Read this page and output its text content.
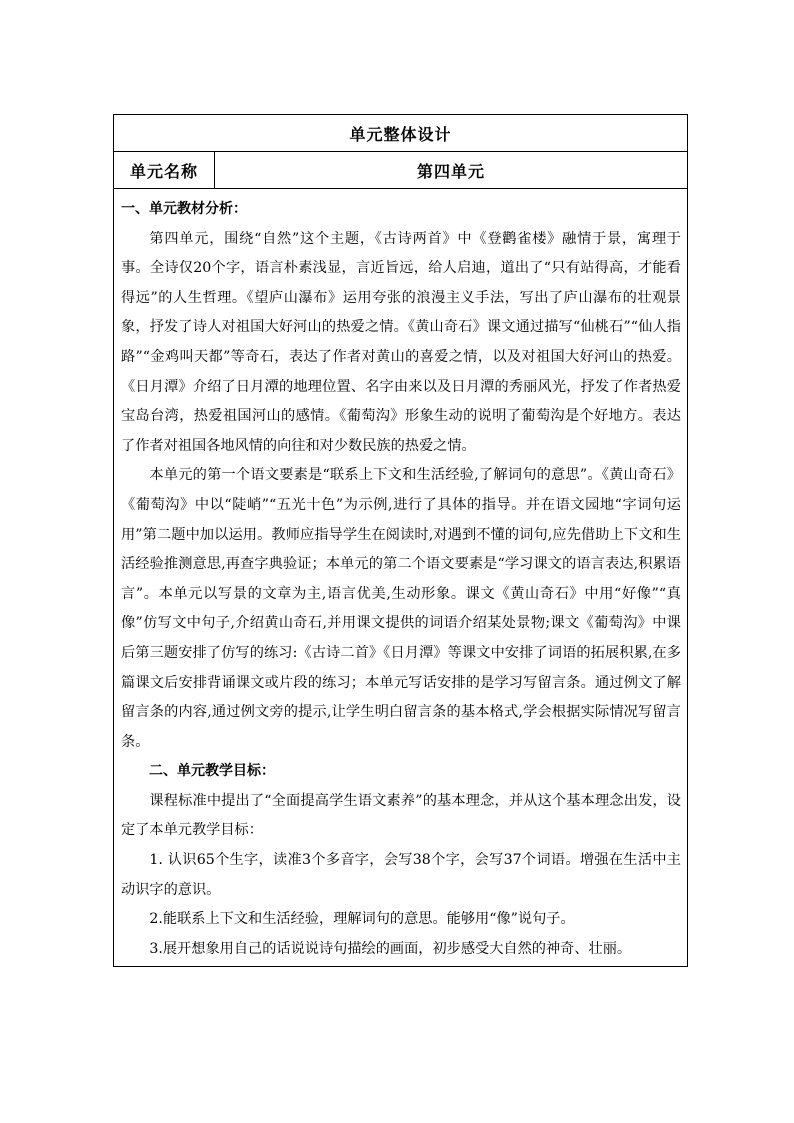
单元整体设计
单元名称	第四单元

一、单元教材分析：

第四单元，围绕“自然”这个主题，《古诗两首》中《登鹳雀楼》融情于景，寓理于事。全诗仅20个字，语言朴素浅显，言近旨远，给人启迪，道出了“只有站得高，才能看得远”的人生哲理。《望庐山瀑布》运用夸张的浪漫主义手法，写出了庐山瀑布的壮观景象，抒发了诗人对祖国大好河山的热爱之情。《黄山奇石》课文通过描写“仙桃石”“仙人指路”“金鸡叫天都”等奇石，表达了作者对黄山的喜爱之情，以及对祖国大好河山的热爱。《日月潭》介绍了日月潭的地理位置、名字由来以及日月潭的秀丽风光，抒发了作者热爱宝岛台湾，热爱祖国河山的感情。《葡萄沟》形象生动的说明了葡萄沟是个好地方。表达了作者对祖国各地风情的向往和对少数民族的热爱之情。

本单元的第一个语文要素是“联系上下文和生活经验,了解词句的意思”。《黄山奇石》《葡萄沟》中以“陡峭”“五光十色”为示例,进行了具体的指导。并在语文园地“字词句运用”第二题中加以运用。教师应指导学生在阅读时,对遇到不懂的词句,应先借助上下文和生活经验推测意思,再查字典验证；本单元的第二个语文要素是“学习课文的语言表达,积累语言”。本单元以写景的文章为主,语言优美,生动形象。课文《黄山奇石》中用“好像”“真像”仿写文中句子,介绍黄山奇石,并用课文提供的词语介绍某处景物;课文《葡萄沟》中课后第三题安排了仿写的练习:《古诗二首》《日月潭》等课文中安排了词语的拓展积累,在多篇课文后安排背诵课文或片段的练习；本单元写话安排的是学习写留言条。通过例文了解留言条的内容,通过例文旁的提示,让学生明白留言条的基本格式,学会根据实际情况写留言条。

二、单元教学目标：

课程标准中提出了“全面提高学生语文素养”的基本理念，并从这个基本理念出发，设定了本单元教学目标：

1. 认识65个生字，读准3个多音字，会写38个字，会写37个词语。增强在生活中主动识字的意识。

2.能联系上下文和生活经验，理解词句的意思。能够用“像”说句子。

3.展开想象用自己的话说说诗句描绘的画面，初步感受大自然的神奇、壮丽。
